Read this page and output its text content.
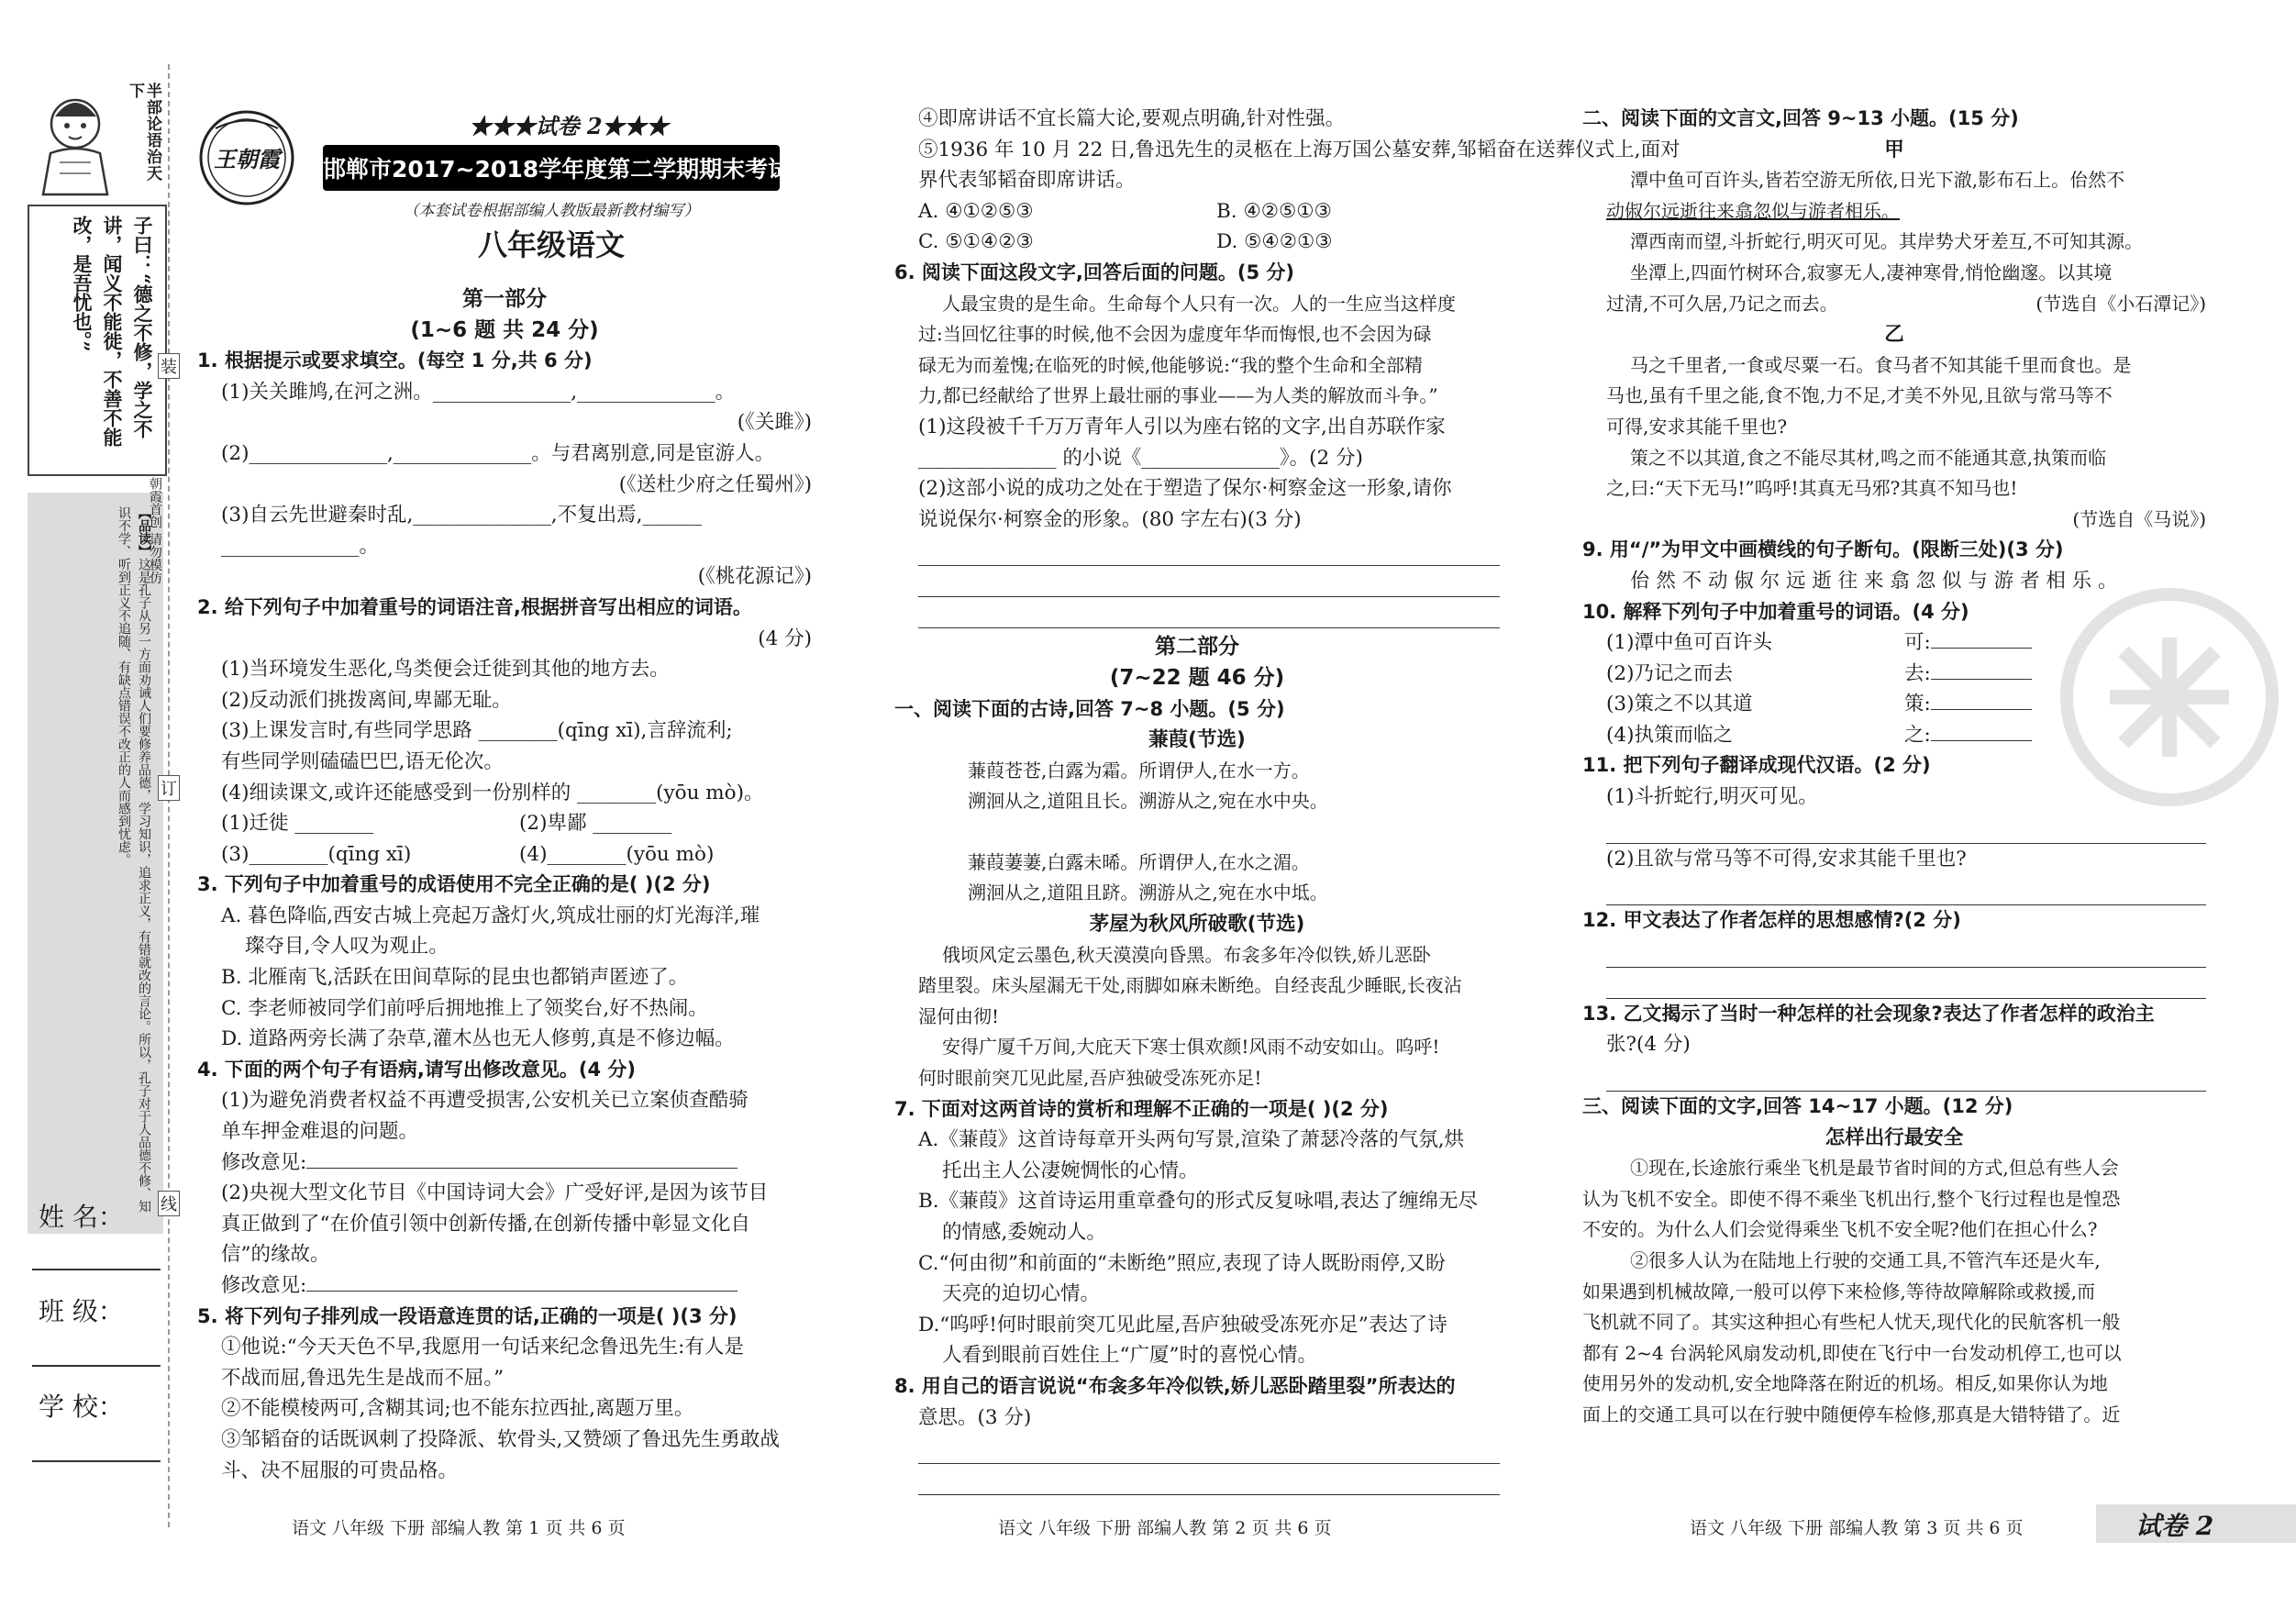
半部论语治天下
子曰：“德之不修，学之不讲，闻义不能徙，不善不能改，是吾忧也。”
【品读】这是孔子从另一方面劝诫人们要修养品德，学习知识，追求正义，有错就改的言论。所以，孔子对于人品德不修、知识不学、听到正义不追随、有缺点错误不改正的人而感到忧虑。	朝霞首创 请勿模仿
装
订
线
姓 名：
班 级：
学 校：
王朝霞
★★★试卷 2★★★
邯郸市2017~2018学年度第二学期期末考试试题
（本套试卷根据部编人教版最新教材编写）
八年级语文

第一部分

(1~6 题 共 24 分)

1. 根据提示或要求填空。(每空 1 分,共 6 分)

(1)关关雎鸠,在河之洲。______________,______________。

(《关雎》)

(2)______________,______________。与君离别意,同是宦游人。

(《送杜少府之任蜀州》)

(3)自云先世避秦时乱,______________,不复出焉,______

______________。

(《桃花源记》)

2. 给下列句子中加着重号的词语注音,根据拼音写出相应的词语。

(4 分)

(1)当环境发生恶化,鸟类便会迁徙到其他的地方去。

(2)反动派们挑拨离间,卑鄙无耻。

(3)上课发言时,有些同学思路 ________(qīng xī),言辞流利;

有些同学则磕磕巴巴,语无伦次。

(4)细读课文,或许还能感受到一份别样的 ________(yōu mò)。

(1)迁徙 ________	(2)卑鄙 ________

(3)________(qīng xī)	(4)________(yōu mò)

3. 下列句子中加着重号的成语使用不完全正确的是( )(2 分)

A. 暮色降临,西安古城上亮起万盏灯火,筑成壮丽的灯光海洋,璀

璨夺目,令人叹为观止。

B. 北雁南飞,活跃在田间草际的昆虫也都销声匿迹了。

C. 李老师被同学们前呼后拥地推上了领奖台,好不热闹。

D. 道路两旁长满了杂草,灌木丛也无人修剪,真是不修边幅。

4. 下面的两个句子有语病,请写出修改意见。(4 分)

(1)为避免消费者权益不再遭受损害,公安机关已立案侦查酷骑

单车押金难退的问题。

修改意见:

(2)央视大型文化节目《中国诗词大会》广受好评,是因为该节目

真正做到了“在价值引领中创新传播,在创新传播中彰显文化自

信”的缘故。

修改意见:

5. 将下列句子排列成一段语意连贯的话,正确的一项是( )(3 分)

①他说:“今天天色不早,我愿用一句话来纪念鲁迅先生:有人是

不战而屈,鲁迅先生是战而不屈。”

②不能模棱两可,含糊其词;也不能东拉西扯,离题万里。

③邹韬奋的话既讽刺了投降派、软骨头,又赞颂了鲁迅先生勇敢战

斗、决不屈服的可贵品格。

④即席讲话不宜长篇大论,要观点明确,针对性强。

⑤1936 年 10 月 22 日,鲁迅先生的灵柩在上海万国公墓安葬,邹韬奋在送葬仪式上,面对

界代表邹韬奋即席讲话。

A. ④①②⑤③	B. ④②⑤①③

C. ⑤①④②③	D. ⑤④②①③

6. 阅读下面这段文字,回答后面的问题。(5 分)

人最宝贵的是生命。生命每个人只有一次。人的一生应当这样度

过:当回忆往事的时候,他不会因为虚度年华而悔恨,也不会因为碌

碌无为而羞愧;在临死的时候,他能够说:“我的整个生命和全部精

力,都已经献给了世界上最壮丽的事业——为人类的解放而斗争。”

(1)这段被千千万万青年人引以为座右铭的文字,出自苏联作家

______________ 的小说《______________》。(2 分)

(2)这部小说的成功之处在于塑造了保尔·柯察金这一形象,请你

说说保尔·柯察金的形象。(80 字左右)(3 分)

第二部分

(7~22 题 46 分)

一、阅读下面的古诗,回答 7~8 小题。(5 分)

蒹葭(节选)

蒹葭苍苍,白露为霜。所谓伊人,在水一方。

溯洄从之,道阻且长。溯游从之,宛在水中央。

蒹葭萋萋,白露未晞。所谓伊人,在水之湄。

溯洄从之,道阻且跻。溯游从之,宛在水中坻。

茅屋为秋风所破歌(节选)

俄顷风定云墨色,秋天漠漠向昏黑。布衾多年冷似铁,娇儿恶卧

踏里裂。床头屋漏无干处,雨脚如麻未断绝。自经丧乱少睡眠,长夜沾

湿何由彻!

安得广厦千万间,大庇天下寒士俱欢颜!风雨不动安如山。呜呼!

何时眼前突兀见此屋,吾庐独破受冻死亦足!

7. 下面对这两首诗的赏析和理解不正确的一项是( )(2 分)

A.《蒹葭》这首诗每章开头两句写景,渲染了萧瑟冷落的气氛,烘

托出主人公凄婉惆怅的心情。

B.《蒹葭》这首诗运用重章叠句的形式反复咏唱,表达了缠绵无尽

的情感,委婉动人。

C.“何由彻”和前面的“未断绝”照应,表现了诗人既盼雨停,又盼

天亮的迫切心情。

D.“呜呼!何时眼前突兀见此屋,吾庐独破受冻死亦足”表达了诗

人看到眼前百姓住上“广厦”时的喜悦心情。

8. 用自己的语言说说“布衾多年冷似铁,娇儿恶卧踏里裂”所表达的

意思。(3 分)

二、阅读下面的文言文,回答 9~13 小题。(15 分)

甲

潭中鱼可百许头,皆若空游无所依,日光下澈,影布石上。佁然不

动俶尔远逝往来翕忽似与游者相乐。

潭西南而望,斗折蛇行,明灭可见。其岸势犬牙差互,不可知其源。

坐潭上,四面竹树环合,寂寥无人,凄神寒骨,悄怆幽邃。以其境

过清,不可久居,乃记之而去。	(节选自《小石潭记》)

乙

马之千里者,一食或尽粟一石。食马者不知其能千里而食也。是

马也,虽有千里之能,食不饱,力不足,才美不外见,且欲与常马等不

可得,安求其能千里也?

策之不以其道,食之不能尽其材,鸣之而不能通其意,执策而临

之,曰:“天下无马!”呜呼!其真无马邪?其真不知马也!

(节选自《马说》)

9. 用“/”为甲文中画横线的句子断句。(限断三处)(3 分)

佁 然 不 动 俶 尔 远 逝 往 来 翕 忽 似 与 游 者 相 乐 。

10. 解释下列句子中加着重号的词语。(4 分)

(1)潭中鱼可百许头	可:

(2)乃记之而去	去:

(3)策之不以其道	策:

(4)执策而临之	之:

11. 把下列句子翻译成现代汉语。(2 分)

(1)斗折蛇行,明灭可见。

(2)且欲与常马等不可得,安求其能千里也?

12. 甲文表达了作者怎样的思想感情?(2 分)

13. 乙文揭示了当时一种怎样的社会现象?表达了作者怎样的政治主

张?(4 分)

三、阅读下面的文字,回答 14~17 小题。(12 分)

怎样出行最安全

①现在,长途旅行乘坐飞机是最节省时间的方式,但总有些人会

认为飞机不安全。即使不得不乘坐飞机出行,整个飞行过程也是惶恐

不安的。为什么人们会觉得乘坐飞机不安全呢?他们在担心什么?

②很多人认为在陆地上行驶的交通工具,不管汽车还是火车,

如果遇到机械故障,一般可以停下来检修,等待故障解除或救援,而

飞机就不同了。其实这种担心有些杞人忧天,现代化的民航客机一般

都有 2~4 台涡轮风扇发动机,即使在飞行中一台发动机停工,也可以

使用另外的发动机,安全地降落在附近的机场。相反,如果你认为地

面上的交通工具可以在行驶中随便停车检修,那真是大错特错了。近

语文 八年级 下册 部编人教 第 1 页 共 6 页	语文 八年级 下册 部编人教 第 2 页 共 6 页	语文 八年级 下册 部编人教 第 3 页 共 6 页	试卷 2
